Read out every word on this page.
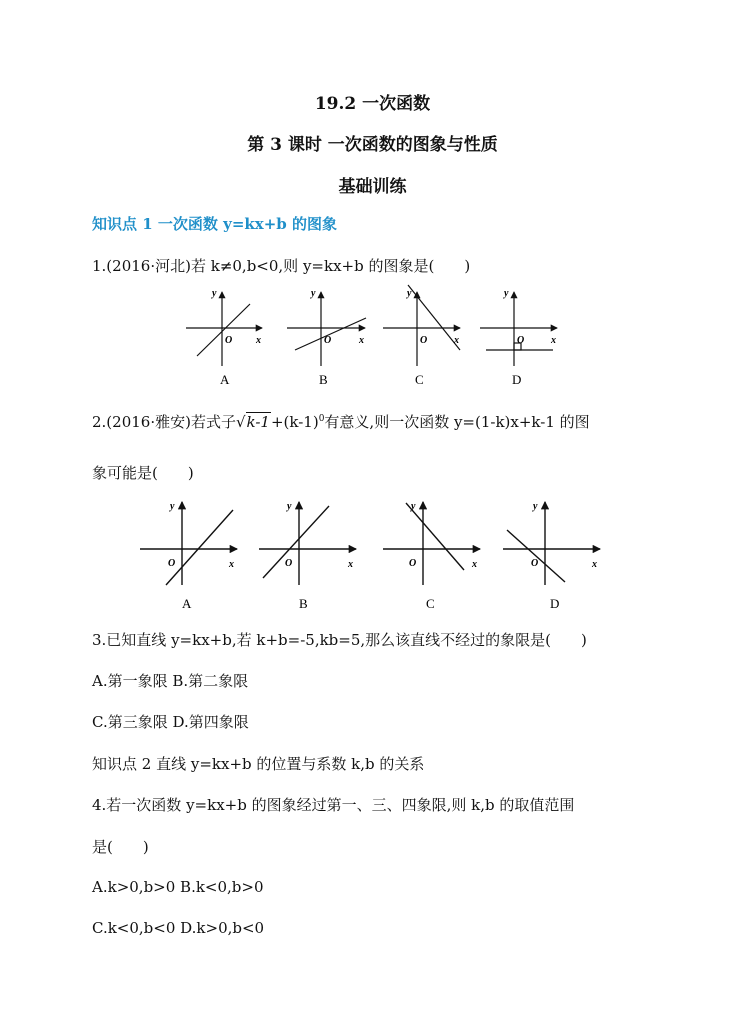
19.2 一次函数
第 3 课时 一次函数的图象与性质
基础训练
知识点 1 一次函数 y=kx+b 的图象
1.(2016·河北)若 k≠0,b<0,则 y=kx+b 的图象是(　　)
2.(2016·雅安)若式子$√k-1+(k-1)^0$有意义,则一次函数 y=(1-k)x+k-1 的图
象可能是(　　)
3.已知直线 y=kx+b,若 k+b=-5,kb=5,那么该直线不经过的象限是(　　)
A.第一象限 B.第二象限
C.第三象限 D.第四象限
知识点 2 直线 y=kx+b 的位置与系数 k,b 的关系
4.若一次函数 y=kx+b 的图象经过第一、三、四象限,则 k,b 的取值范围
是(　　)
A.k>0,b>0 B.k<0,b>0
C.k<0,b<0 D.k>0,b<0
y
x
O
A
y
x
O
B
y
x
O
C
y
x
O
D
y
x
O
A
y
x
O
B
y
x
O
C
y
x
O
D
